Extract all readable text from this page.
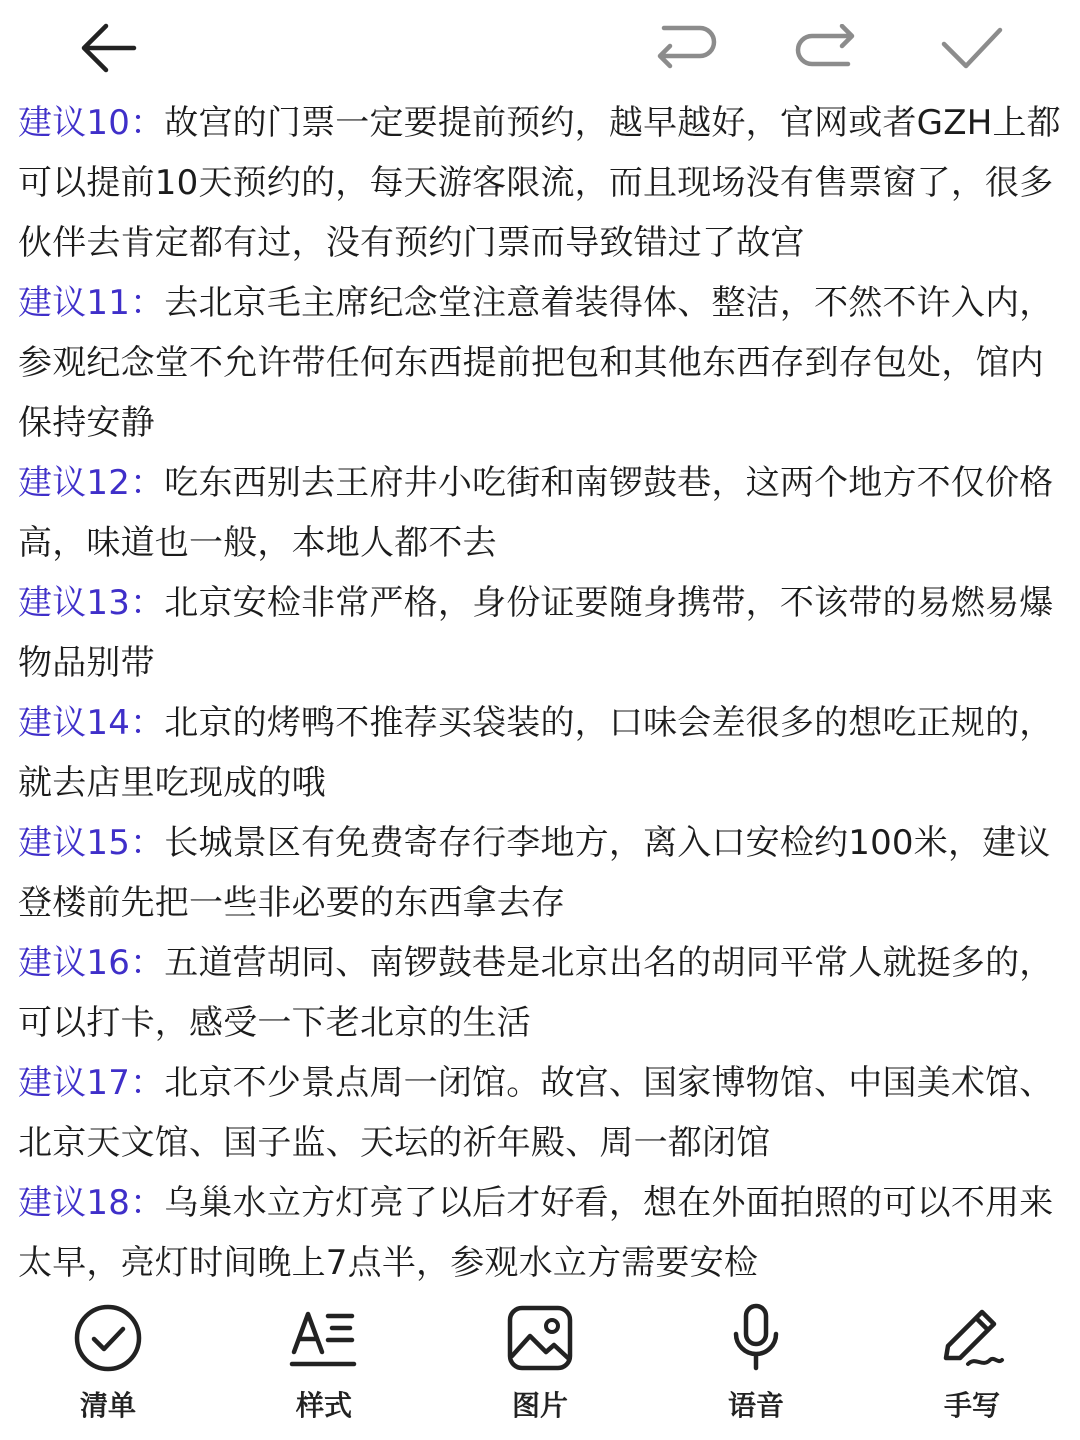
建议10：故宫的门票一定要提前预约，越早越好，官网或者GZH上都可以提前10天预约的，每天游客限流，而且现场没有售票窗了，很多伙伴去肯定都有过，没有预约门票而导致错过了故宫

建议11：去北京毛主席纪念堂注意着装得体、整洁，不然不许入内，参观纪念堂不允许带任何东西提前把包和其他东西存到存包处，馆内保持安静

建议12：吃东西别去王府井小吃街和南锣鼓巷，这两个地方不仅价格高，味道也一般，本地人都不去

建议13：北京安检非常严格，身份证要随身携带，不该带的易燃易爆物品别带

建议14：北京的烤鸭不推荐买袋装的，口味会差很多的想吃正规的，就去店里吃现成的哦

建议15：长城景区有免费寄存行李地方，离入口安检约100米，建议登楼前先把一些非必要的东西拿去存

建议16：五道营胡同、南锣鼓巷是北京出名的胡同平常人就挺多的，可以打卡，感受一下老北京的生活

建议17：北京不少景点周一闭馆。故宫、国家博物馆、中国美术馆、北京天文馆、国子监、天坛的祈年殿、周一都闭馆

建议18：乌巢水立方灯亮了以后才好看，想在外面拍照的可以不用来太早，亮灯时间晚上7点半，参观水立方需要安检

清单	样式	图片	语音	手写
